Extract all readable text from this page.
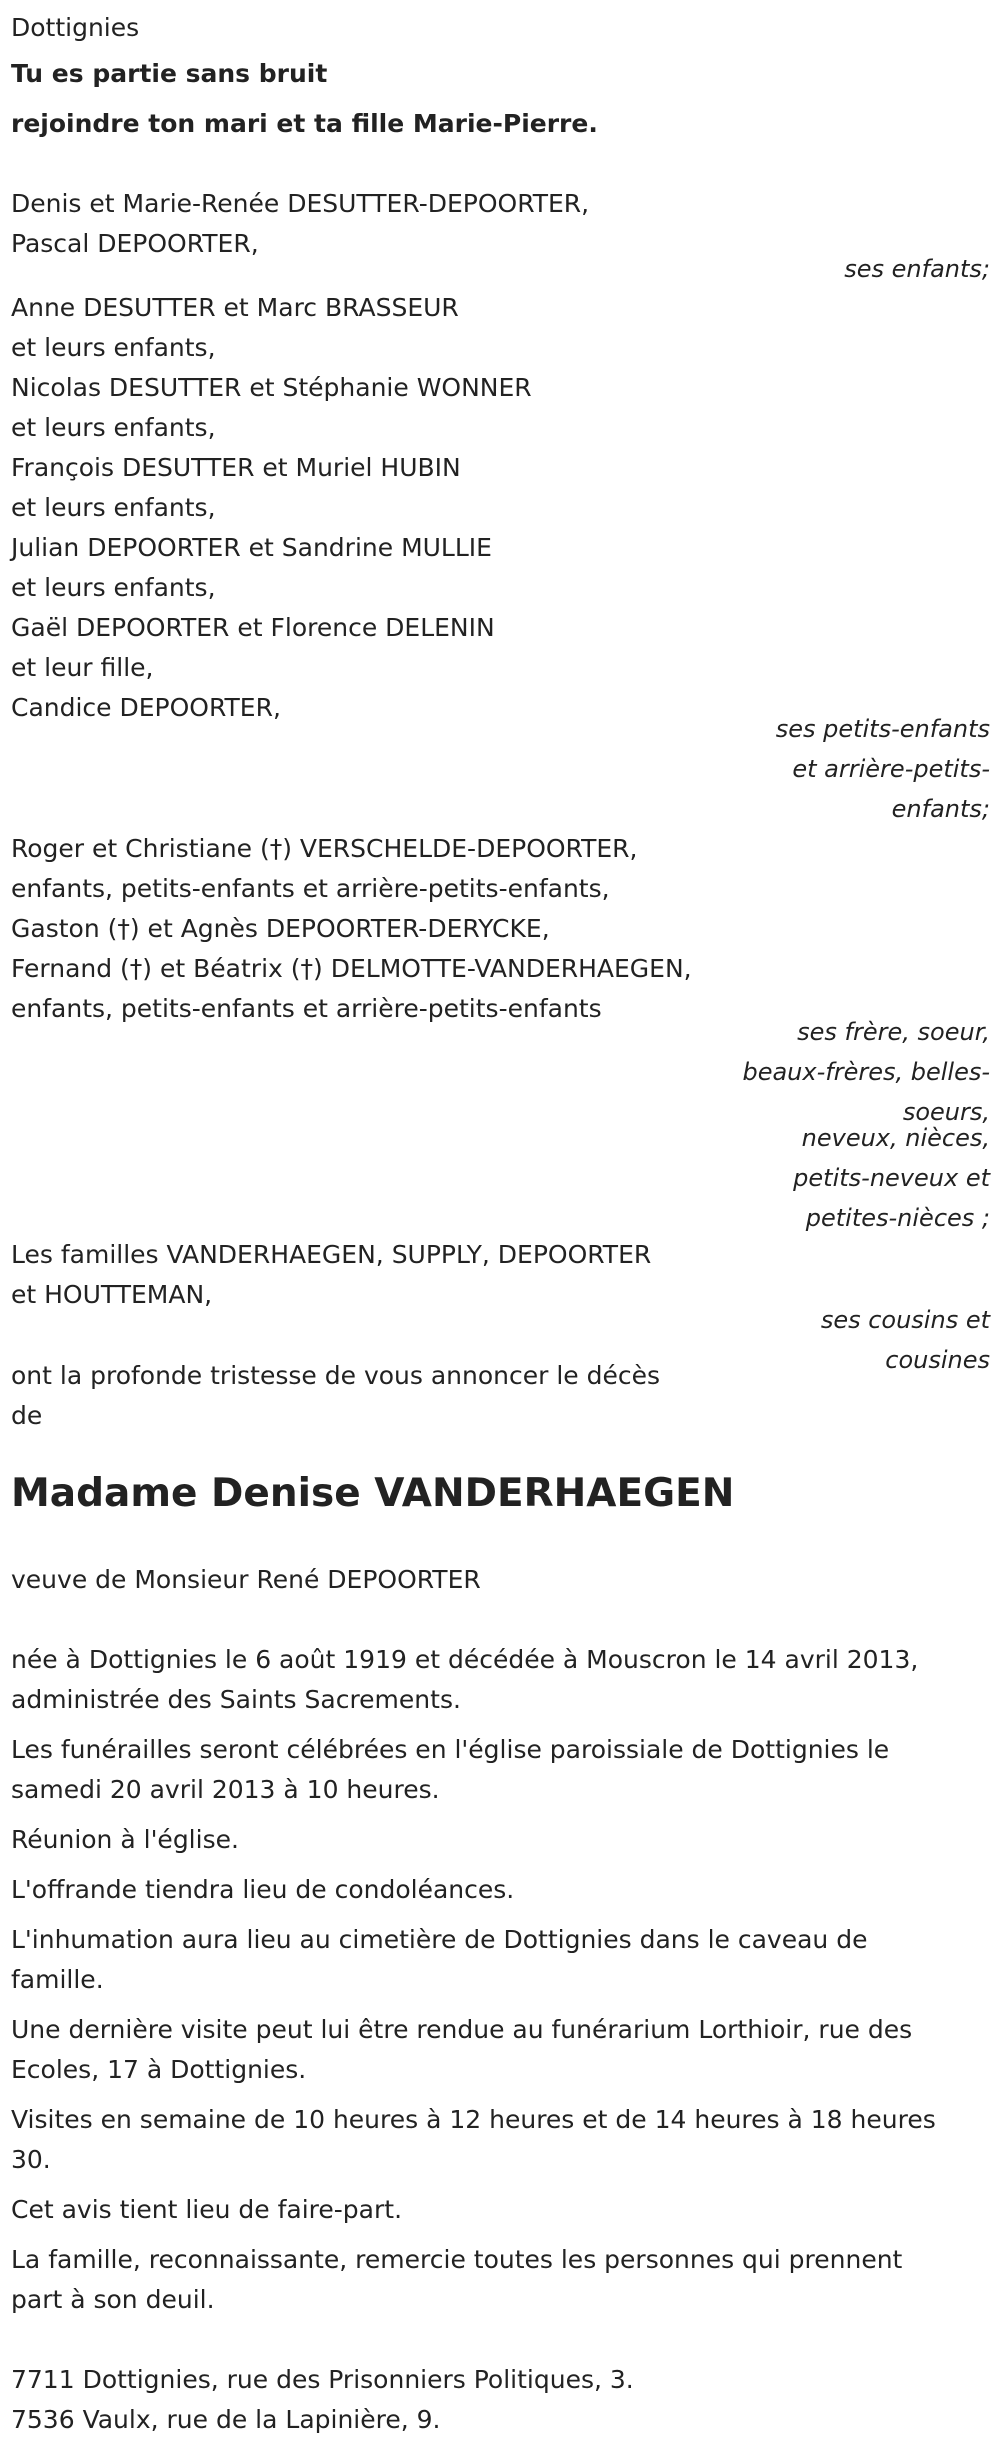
Dottignies

Tu es partie sans bruit

rejoindre ton mari et ta fille Marie-Pierre.

Denis et Marie-Renée DESUTTER-DEPOORTER,

Pascal DEPOORTER,

ses enfants;

Anne DESUTTER et Marc BRASSEUR

et leurs enfants,

Nicolas DESUTTER et Stéphanie WONNER

et leurs enfants,

François DESUTTER et Muriel HUBIN

et leurs enfants,

Julian DEPOORTER et Sandrine MULLIE

et leurs enfants,

Gaël DEPOORTER et Florence DELENIN

et leur fille,

Candice DEPOORTER,

ses petits-enfants

et arrière-petits-

enfants;

Roger et Christiane (†) VERSCHELDE-DEPOORTER,

enfants, petits-enfants et arrière-petits-enfants,

Gaston (†) et Agnès DEPOORTER-DERYCKE,

Fernand (†) et Béatrix (†) DELMOTTE-VANDERHAEGEN,

enfants, petits-enfants et arrière-petits-enfants

ses frère, soeur,

beaux-frères, belles-

soeurs,

neveux, nièces,

petits-neveux et

petites-nièces ;

Les familles VANDERHAEGEN, SUPPLY, DEPOORTER

et HOUTTEMAN,

ses cousins et

cousines

ont la profonde tristesse de vous annoncer le décès

de

Madame Denise VANDERHAEGEN

veuve de Monsieur René DEPOORTER

née à Dottignies le 6 août 1919 et décédée à Mouscron le 14 avril 2013,

administrée des Saints Sacrements.

Les funérailles seront célébrées en l'église paroissiale de Dottignies le

samedi 20 avril 2013 à 10 heures.

Réunion à l'église.

L'offrande tiendra lieu de condoléances.

L'inhumation aura lieu au cimetière de Dottignies dans le caveau de

famille.

Une dernière visite peut lui être rendue au funérarium Lorthioir, rue des

Ecoles, 17 à Dottignies.

Visites en semaine de 10 heures à 12 heures et de 14 heures à 18 heures

30.

Cet avis tient lieu de faire-part.

La famille, reconnaissante, remercie toutes les personnes qui prennent

part à son deuil.

7711 Dottignies, rue des Prisonniers Politiques, 3.

7536 Vaulx, rue de la Lapinière, 9.
